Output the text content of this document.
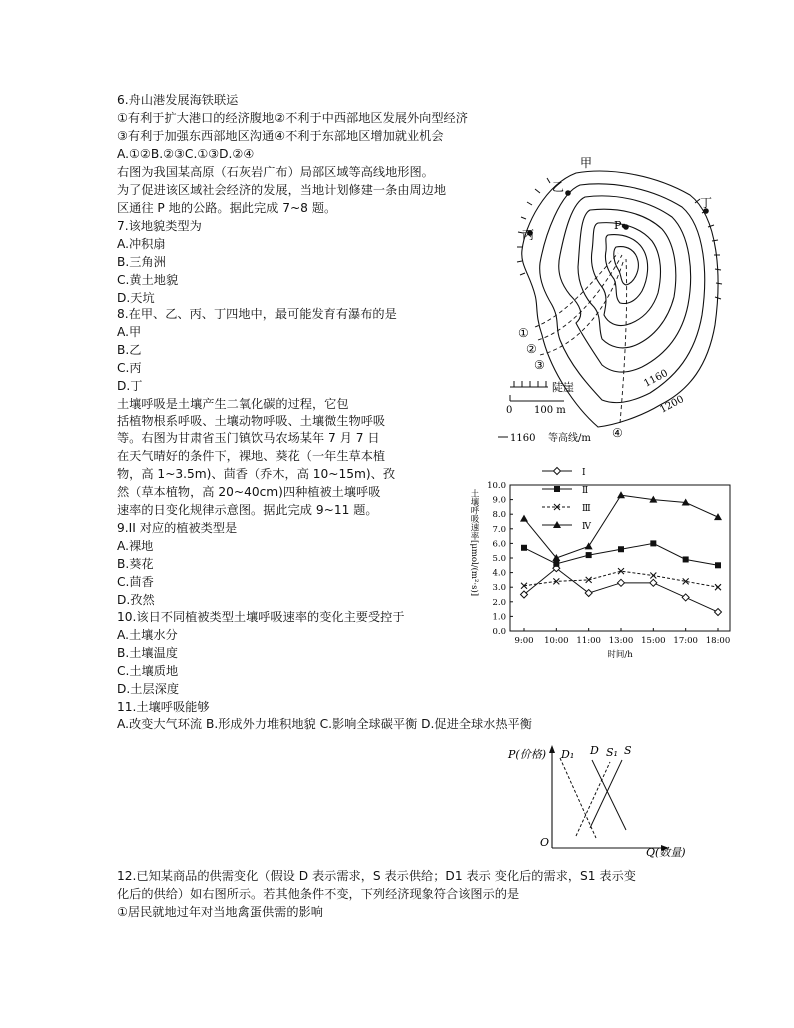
6.舟山港发展海铁联运
①有利于扩大港口的经济腹地②不利于中西部地区发展外向型经济
③有利于加强东西部地区沟通④不利于东部地区增加就业机会
A.①②B.②③C.①③D.②④
右图为我国某高原（石灰岩广布）局部区域等高线地形图。
为了促进该区域社会经济的发展，当地计划修建一条由周边地
区通往 P 地的公路。据此完成 7~8 题。
7.该地貌类型为
A.冲积扇
B.三角洲
C.黄土地貌
D.天坑
8.在甲、乙、丙、丁四地中，最可能发育有瀑布的是
A.甲
B.乙
C.丙
D.丁
土壤呼吸是土壤产生二氧化碳的过程，它包
括植物根系呼吸、土壤动物呼吸、土壤微生物呼吸
等。右图为甘肃省玉门镇饮马农场某年 7 月 7 日
在天气晴好的条件下，裸地、葵花（一年生草本植
物，高 1~3.5m)、茴香（乔木，高 10~15m)、孜
然（草本植物，高 20~40cm)四种植被土壤呼吸
速率的日变化规律示意图。据此完成 9~11 题。
9.II 对应的植被类型是
A.裸地
B.葵花
C.茴香
D.孜然
10.该日不同植被类型土壤呼吸速率的变化主要受控于
A.土壤水分
B.土壤温度
C.土壤质地
D.土层深度
11.土壤呼吸能够
A.改变大气环流 B.形成外力堆积地貌 C.影响全球碳平衡 D.促进全球水热平衡
12.已知某商品的供需变化（假设 D 表示需求，S 表示供给；D1 表示 变化后的需求，S1 表示变
化后的供给）如右图所示。若其他条件不变，下列经济现象符合该图示的是
①居民就地过年对当地禽蛋供需的影响
甲
乙
丙
丁
P
①
②
③
④
1160
1200
陡崖
0 100 m
1160 等高线/m
0.0
1.0
2.0
3.0
4.0
5.0
6.0
7.0
8.0
9.0
10.0
9:00 10:00 11:00 13:00 15:00 17:00 18:00
时间/h
土壤呼吸速率[μmol/(m²·s)]
Ⅰ
Ⅱ
Ⅲ
Ⅳ
P(价格)
Q(数量)
O
D₁ D S₁ S
